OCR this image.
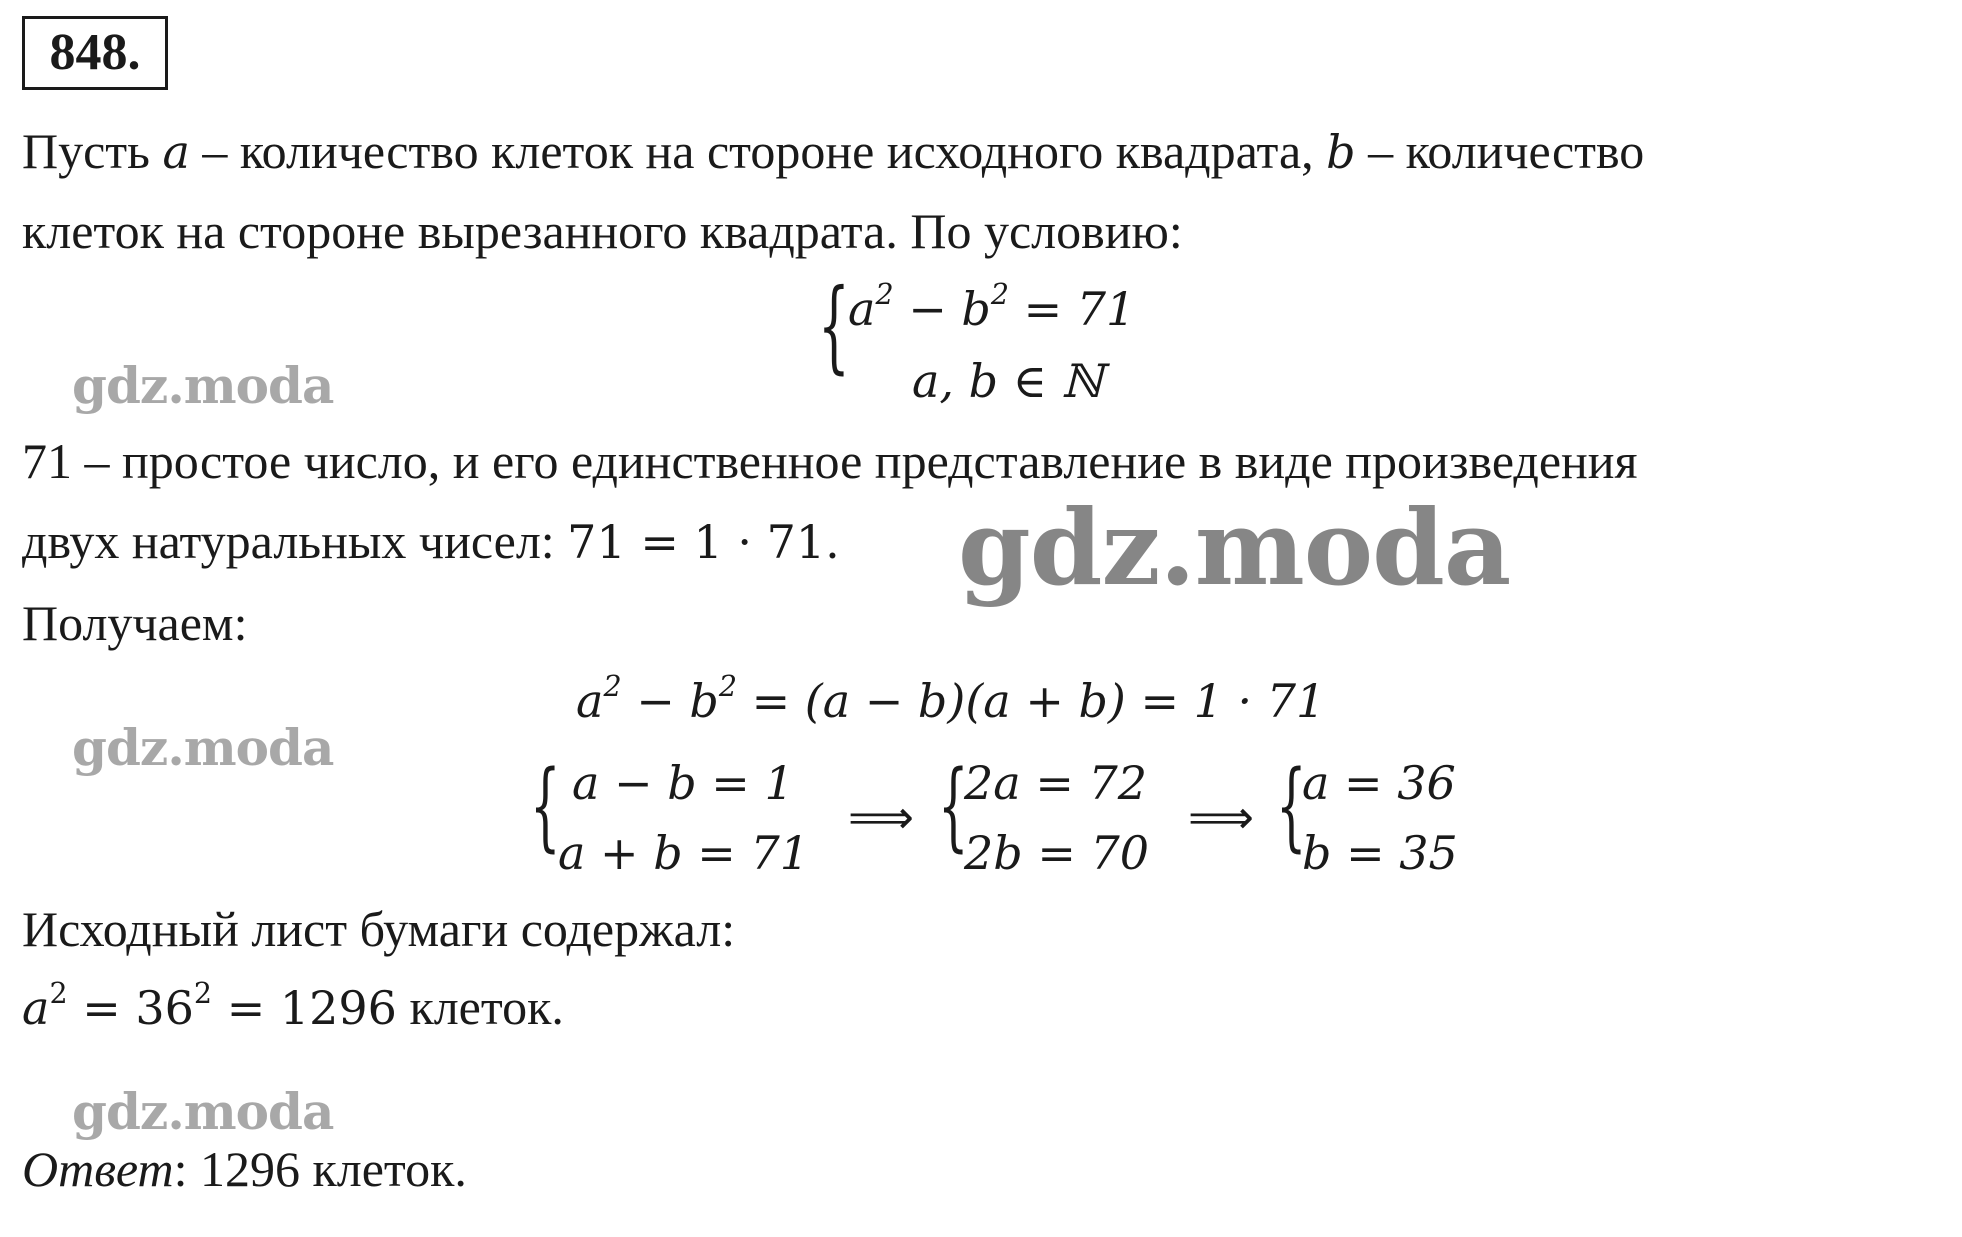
848.
Пусть a – количество клеток на стороне исходного квадрата, b – количество
клеток на стороне вырезанного квадрата. По условию:
{
$a^2 - b^2 = 71$
a, b ∈ ℕ
gdz.moda
71 – простое число, и его единственное представление в виде произведения
двух натуральных чисел: 71 = 1 · 71. gdz.moda
Получаем:
$a^2 - b^2 = (a - b)(a + b) = 1 \cdot 71$
gdz.moda
{ a − b = 1
a + b = 71
⟹ {
2a = 72
2b = 70
⟹ {
a = 36
b = 35
Исходный лист бумаги содержал:
$a^2 = 36^2 = 1296$ клеток.
gdz.moda
Ответ: 1296 клеток.
